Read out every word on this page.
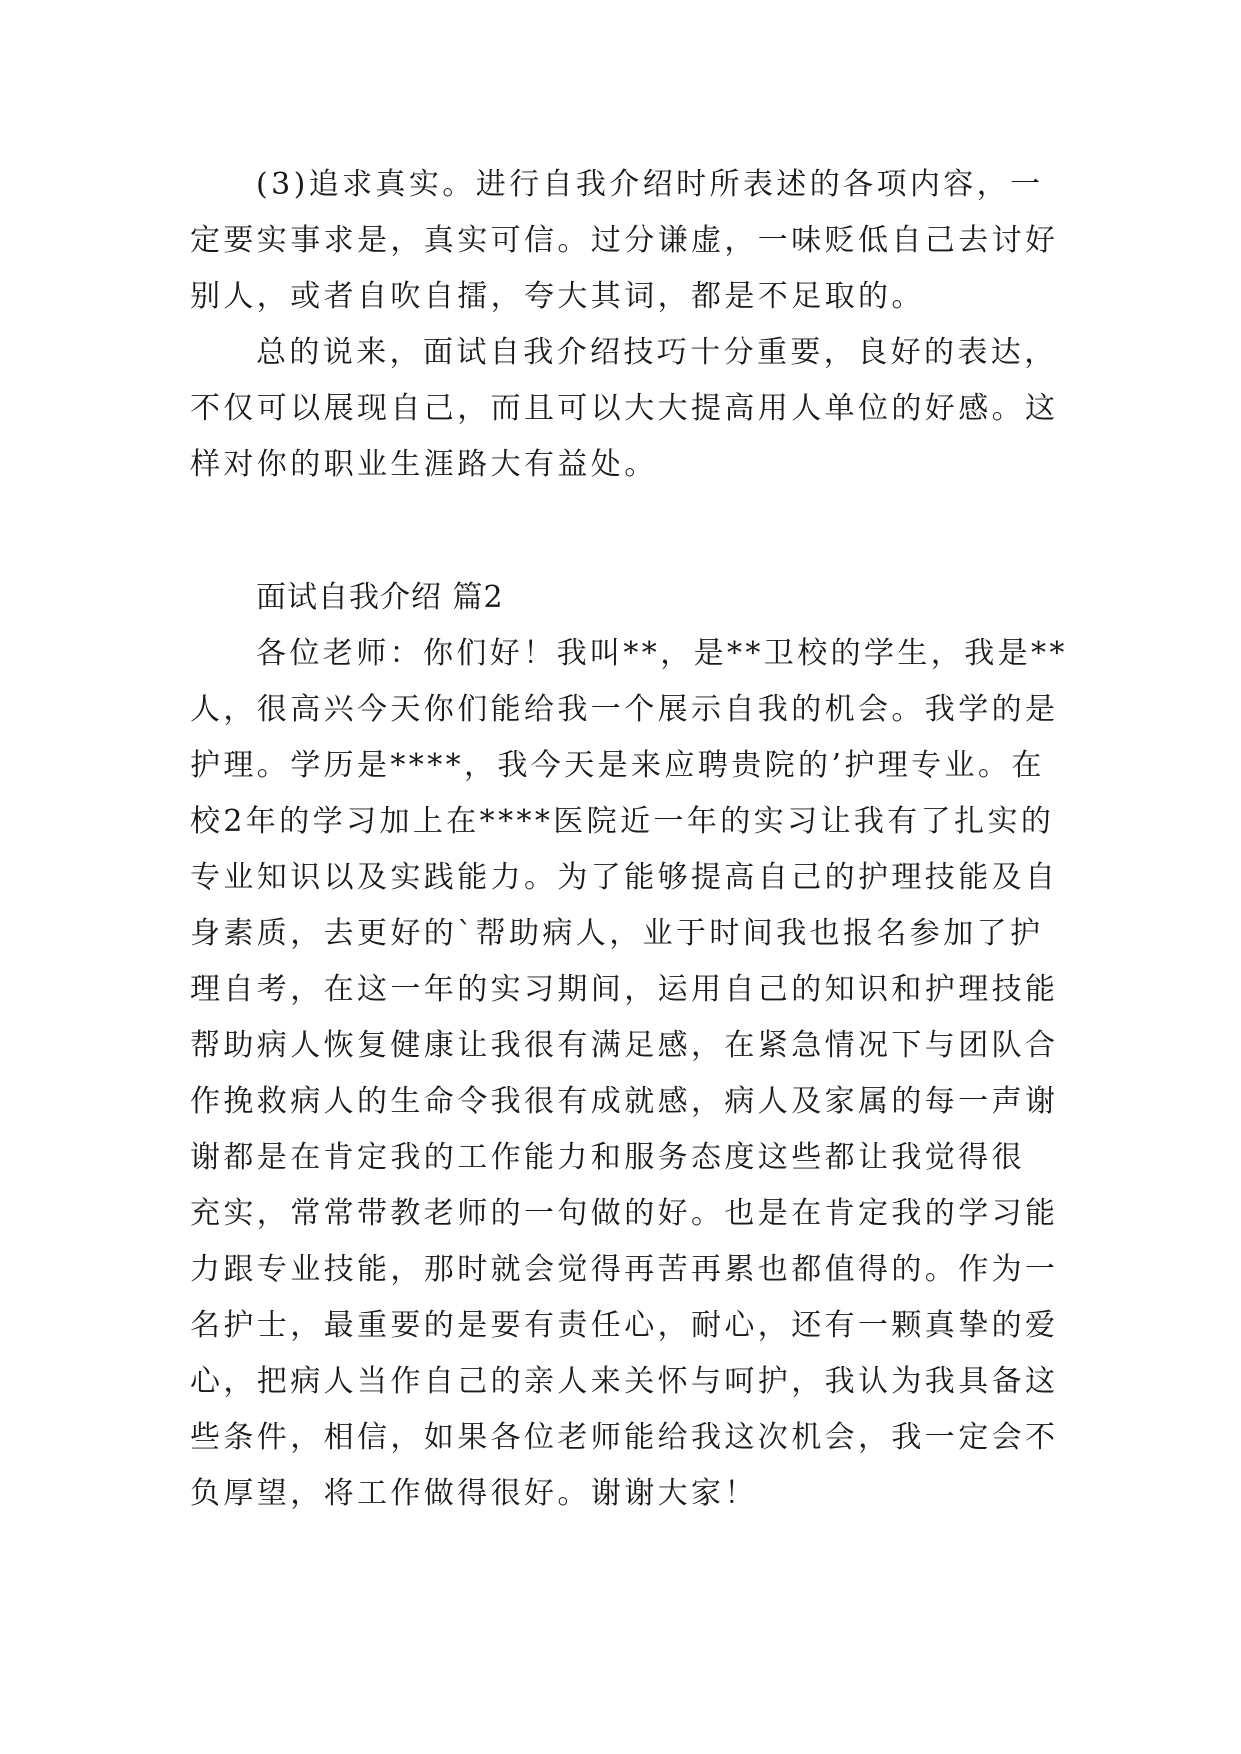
(3)追求真实。进行自我介绍时所表述的各项内容，一
定要实事求是，真实可信。过分谦虚，一味贬低自己去讨好
别人，或者自吹自擂，夸大其词，都是不足取的。
总的说来，面试自我介绍技巧十分重要，良好的表达，
不仅可以展现自己，而且可以大大提高用人单位的好感。这
样对你的职业生涯路大有益处。
面试自我介绍 篇2
各位老师：你们好！我叫**，是**卫校的学生，我是**
人，很高兴今天你们能给我一个展示自我的机会。我学的是
护理。学历是****，我今天是来应聘贵院的’护理专业。在
校2年的学习加上在****医院近一年的实习让我有了扎实的
专业知识以及实践能力。为了能够提高自己的护理技能及自
身素质，去更好的`帮助病人，业于时间我也报名参加了护
理自考，在这一年的实习期间，运用自己的知识和护理技能
帮助病人恢复健康让我很有满足感，在紧急情况下与团队合
作挽救病人的生命令我很有成就感，病人及家属的每一声谢
谢都是在肯定我的工作能力和服务态度这些都让我觉得很
充实，常常带教老师的一句做的好。也是在肯定我的学习能
力跟专业技能，那时就会觉得再苦再累也都值得的。作为一
名护士，最重要的是要有责任心，耐心，还有一颗真挚的爱
心，把病人当作自己的亲人来关怀与呵护，我认为我具备这
些条件，相信，如果各位老师能给我这次机会，我一定会不
负厚望，将工作做得很好。谢谢大家！
